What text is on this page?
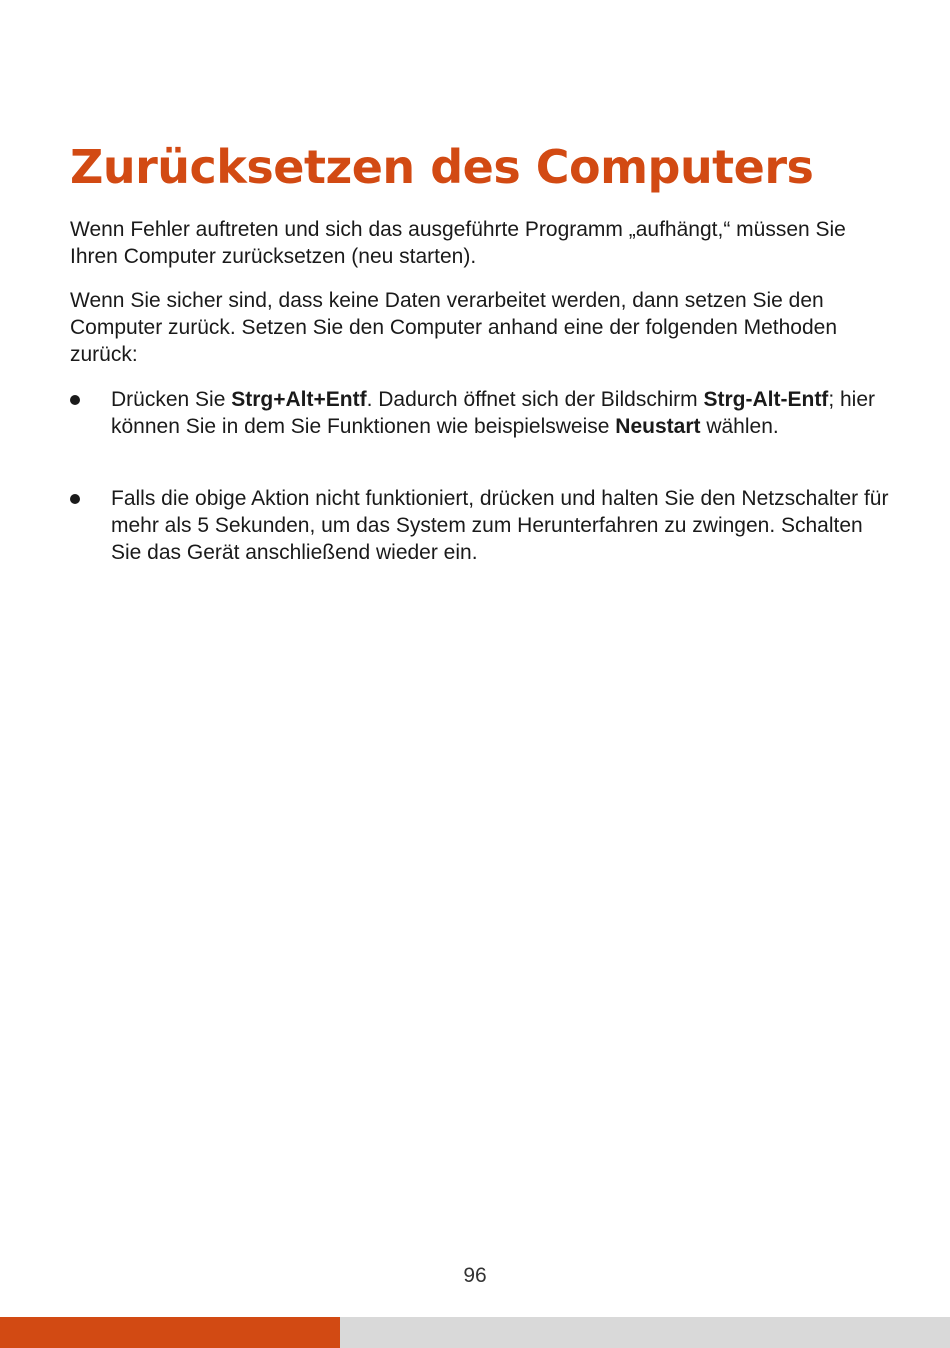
Zurücksetzen des Computers

Wenn Fehler auftreten und sich das ausgeführte Programm „aufhängt,“ müssen Sie Ihren Computer zurücksetzen (neu starten).

Wenn Sie sicher sind, dass keine Daten verarbeitet werden, dann setzen Sie den Computer zurück. Setzen Sie den Computer anhand eine der folgenden Methoden zurück:

Drücken Sie Strg+Alt+Entf. Dadurch öffnet sich der Bildschirm Strg-Alt-Entf; hier können Sie in dem Sie Funktionen wie beispielsweise Neustart wählen.

Falls die obige Aktion nicht funktioniert, drücken und halten Sie den Netzschalter für mehr als 5 Sekunden, um das System zum Herunterfahren zu zwingen. Schalten Sie das Gerät anschließend wieder ein.

96
